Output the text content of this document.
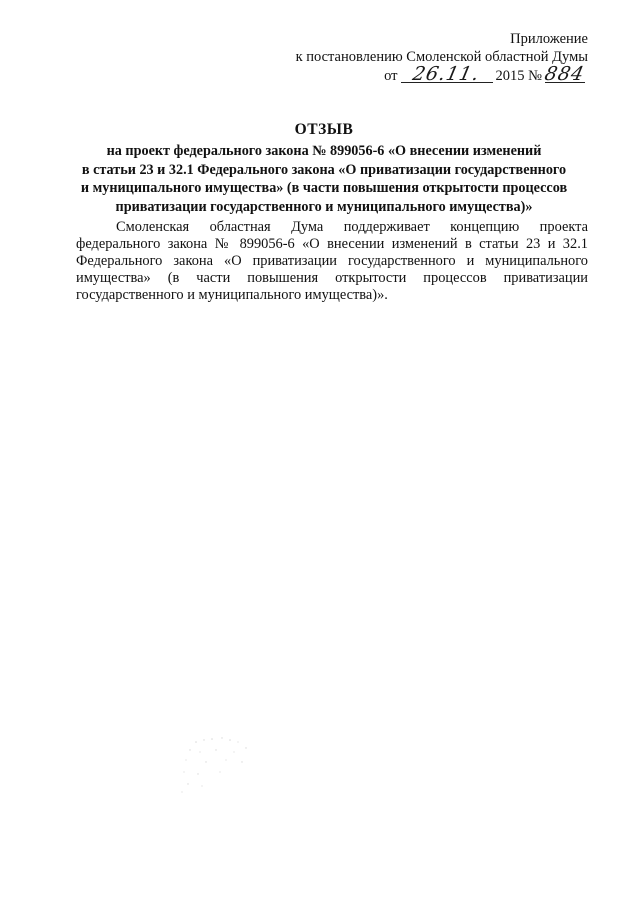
Приложение
к постановлению Смоленской областной Думы
от 26.11. 2015 № 884
ОТЗЫВ
на проект федерального закона № 899056-6 «О внесении изменений
в статьи 23 и 32.1 Федерального закона «О приватизации государственного
и муниципального имущества» (в части повышения открытости процессов
приватизации государственного и муниципального имущества)»
Смоленская областная Дума поддерживает концепцию проекта
федерального закона № 899056-6 «О внесении изменений в статьи 23 и 32.1
Федерального закона «О приватизации государственного и муниципального
имущества» (в части повышения открытости процессов приватизации
государственного и муниципального имущества)».
